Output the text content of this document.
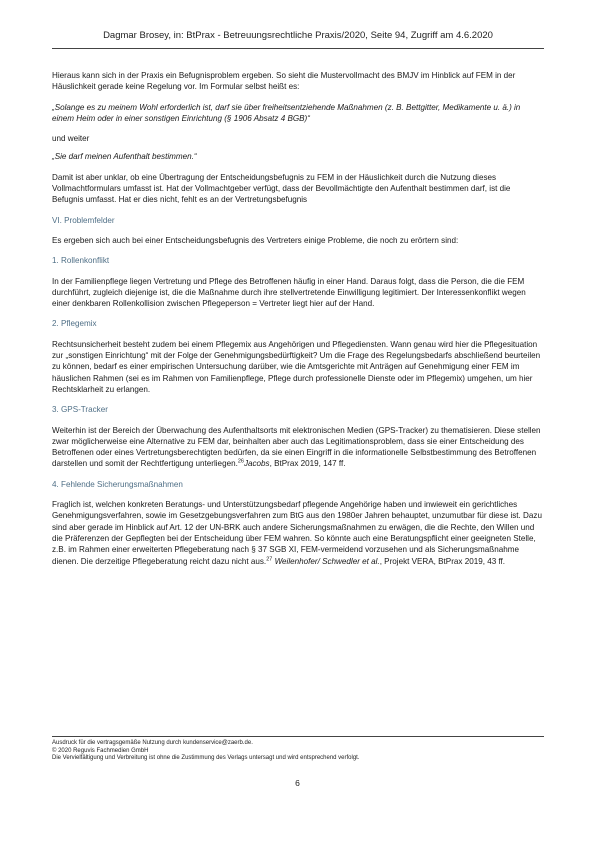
Dagmar Brosey, in: BtPrax - Betreuungsrechtliche Praxis/2020, Seite 94, Zugriff am 4.6.2020

Hieraus kann sich in der Praxis ein Befugnisproblem ergeben. So sieht die Mustervollmacht des BMJV im Hinblick auf FEM in der Häuslichkeit gerade keine Regelung vor. Im Formular selbst heißt es:

„Solange es zu meinem Wohl erforderlich ist, darf sie über freiheitsentziehende Maßnahmen (z. B. Bettgitter, Medikamente u. ä.) in einem Heim oder in einer sonstigen Einrichtung (§ 1906 Absatz 4 BGB)“

und weiter

„Sie darf meinen Aufenthalt bestimmen.“

Damit ist aber unklar, ob eine Übertragung der Entscheidungsbefugnis zu FEM in der Häuslichkeit durch die Nutzung dieses Vollmachtformulars umfasst ist. Hat der Vollmachtgeber verfügt, dass der Bevollmächtigte den Aufenthalt bestimmen darf, ist die Befugnis umfasst. Hat er dies nicht, fehlt es an der Vertretungsbefugnis

VI. Problemfelder

Es ergeben sich auch bei einer Entscheidungsbefugnis des Vertreters einige Probleme, die noch zu erörtern sind:

1. Rollenkonflikt

In der Familienpflege liegen Vertretung und Pflege des Betroffenen häufig in einer Hand. Daraus folgt, dass die Person, die die FEM durchführt, zugleich diejenige ist, die die Maßnahme durch ihre stellvertretende Einwilligung legitimiert. Der Interessenkonflikt wegen einer denkbaren Rollenkollision zwischen Pflegeperson = Vertreter liegt hier auf der Hand.

2. Pflegemix

Rechtsunsicherheit besteht zudem bei einem Pflegemix aus Angehörigen und Pflegediensten. Wann genau wird hier die Pflegesituation zur „sonstigen Einrichtung“ mit der Folge der Genehmigungsbedürftigkeit? Um die Frage des Regelungsbedarfs abschließend beurteilen zu können, bedarf es einer empirischen Untersuchung darüber, wie die Amtsgerichte mit Anträgen auf Genehmigung einer FEM im häuslichen Rahmen (sei es im Rahmen von Familienpflege, Pflege durch professionelle Dienste oder im Pflegemix) umgehen, um hier Rechtsklarheit zu erlangen.

3. GPS-Tracker

Weiterhin ist der Bereich der Überwachung des Aufenthaltsorts mit elektronischen Medien (GPS-Tracker) zu thematisieren. Diese stellen zwar möglicherweise eine Alternative zu FEM dar, beinhalten aber auch das Legitimationsproblem, dass sie einer Entscheidung des Betroffenen oder eines Vertretungsberechtigten bedürfen, da sie einen Eingriff in die informationelle Selbstbestimmung des Betroffenen darstellen und somit der Rechtfertigung unterliegen.$^{26}$Jacobs, BtPrax 2019, 147 ff.

4. Fehlende Sicherungsmaßnahmen

Fraglich ist, welchen konkreten Beratungs- und Unterstützungsbedarf pflegende Angehörige haben und inwieweit ein gerichtliches Genehmigungsverfahren, sowie im Gesetzgebungsverfahren zum BtG aus den 1980er Jahren behauptet, unzumutbar für diese ist. Dazu sind aber gerade im Hinblick auf Art. 12 der UN-BRK auch andere Sicherungsmaßnahmen zu erwägen, die die Rechte, den Willen und die Präferenzen der Gepflegten bei der Entscheidung über FEM wahren. So könnte auch eine Beratungspflicht einer geeigneten Stelle, z.B. im Rahmen einer erweiterten Pflegeberatung nach § 37 SGB XI, FEM-vermeidend vorzusehen und als Sicherungsmaßnahme dienen. Die derzeitige Pflegeberatung reicht dazu nicht aus.$^{27}$ Weilenhofer/ Schwedler et al., Projekt VERA, BtPrax 2019, 43 ff.

Ausdruck für die vertragsgemäße Nutzung durch kundenservice@zaerb.de.
© 2020 Reguvis Fachmedien GmbH
Die Vervielfältigung und Verbreitung ist ohne die Zustimmung des Verlags untersagt und wird entsprechend verfolgt.
6
